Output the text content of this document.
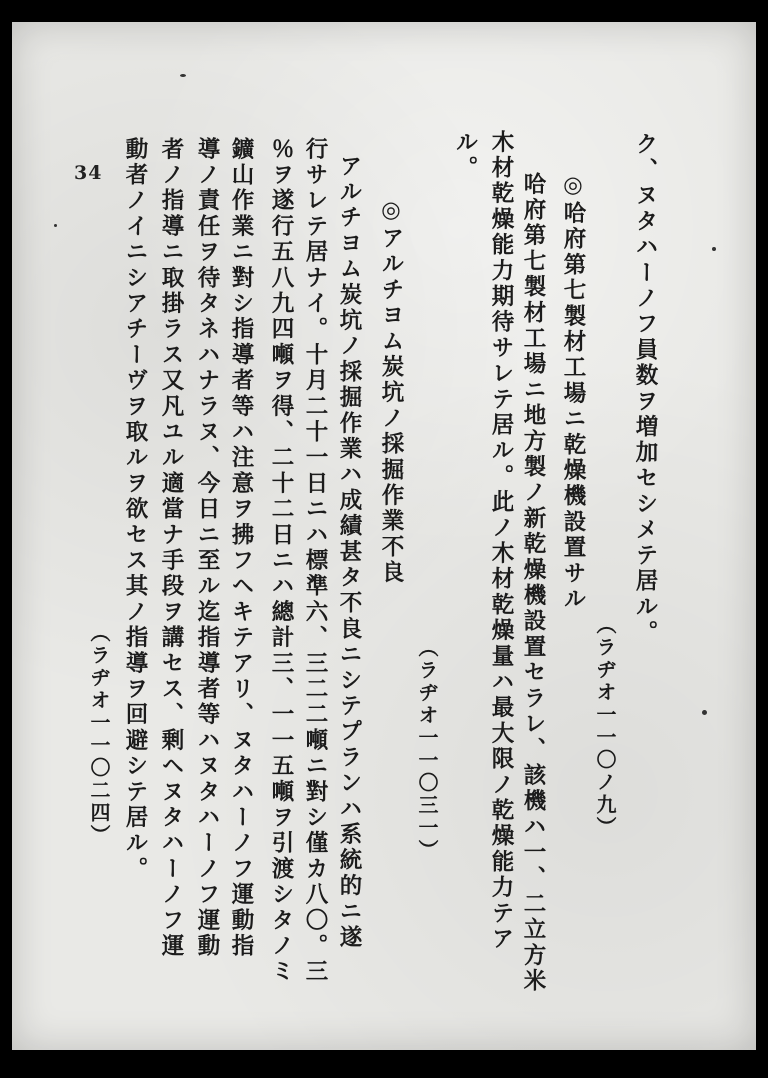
ク、ヌタハーノフ員数ヲ増加セシメテ居ル。
（ラヂオ一一〇ノ九）
◎哈府第七製材工場ニ乾燥機設置サル
哈府第七製材工場ニ地方製ノ新乾燥機設置セラレ、該機ハ一、二立方米
木材乾燥能力期待サレテ居ル。此ノ木材乾燥量ハ最大限ノ乾燥能力テア
ル。
◎アルチヨム炭坑ノ採掘作業不良
（ラヂオ一一〇三一）
アルチヨム炭坑ノ採掘作業ハ成績甚タ不良ニシテプランハ系統的ニ遂
行サレテ居ナイ。十月二十一日ニハ標準六、三二二噸ニ對シ僅カ八〇。三
％ヲ遂行五八九四噸ヲ得、二十二日ニハ總計三、一一五噸ヲ引渡シタノミ
鑛山作業ニ對シ指導者等ハ注意ヲ拂フヘキテアリ、ヌタハーノフ運動指
導ノ責任ヲ待タネハナラヌ、今日ニ至ル迄指導者等ハヌタハーノフ運動
者ノ指導ニ取掛ラス又凡ユル適當ナ手段ヲ講セス、剰ヘヌタハーノフ運
動者ノイニシアチーヴヲ取ルヲ欲セス其ノ指導ヲ回避シテ居ル。
（ラヂオ一一〇二四）
34
